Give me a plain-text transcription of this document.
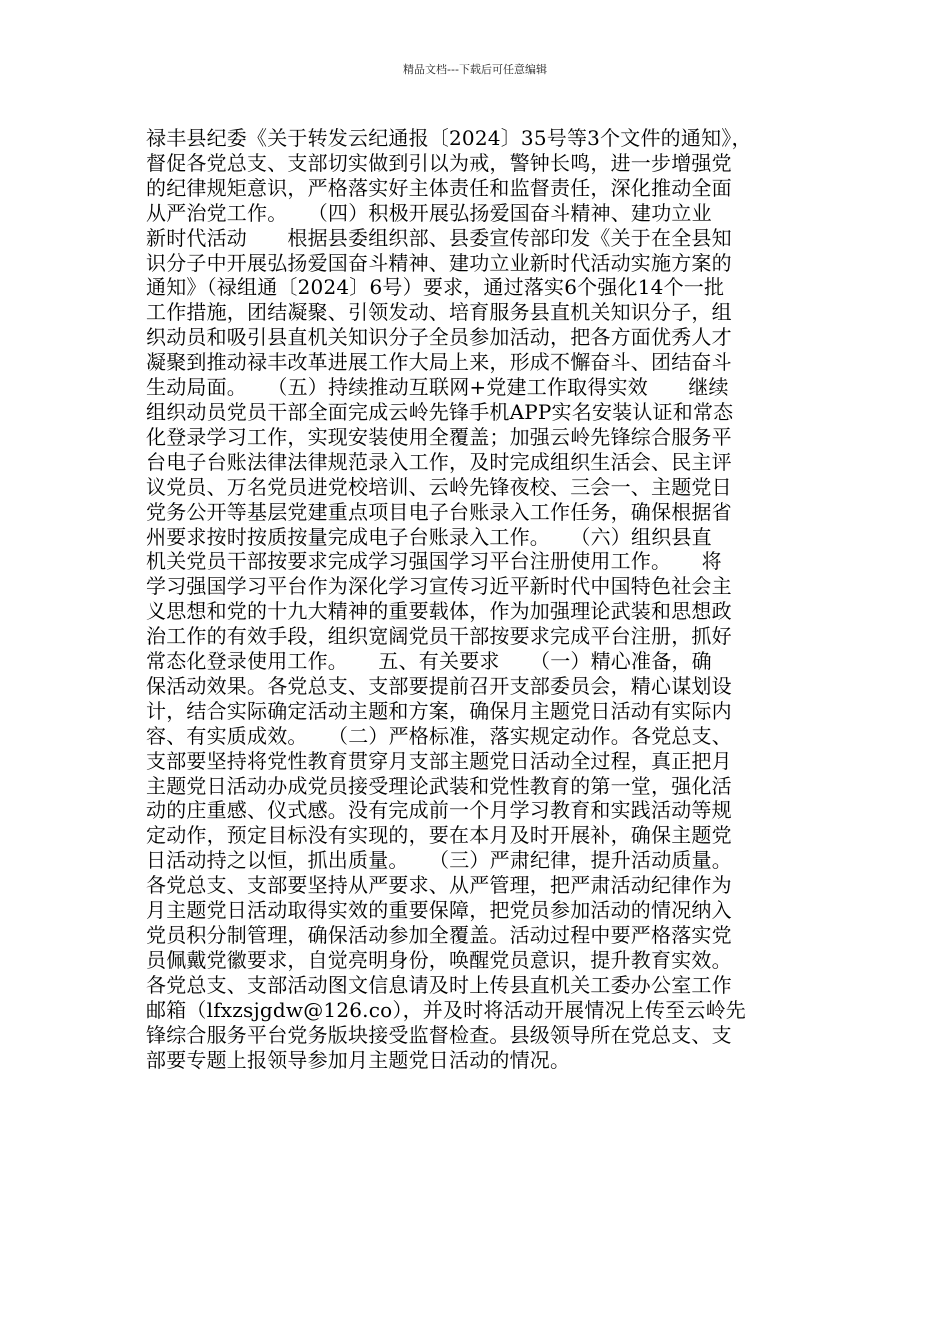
精品文档---下载后可任意编辑
禄丰县纪委《关于转发云纪通报〔2024〕35号等3个文件的通知》，
督促各党总支、支部切实做到引以为戒，警钟长鸣，进一步增强党
的纪律规矩意识，严格落实好主体责任和监督责任，深化推动全面
从严治党工作。　　（四）积极开展弘扬爱国奋斗精神、建功立业
新时代活动　　根据县委组织部、县委宣传部印发《关于在全县知
识分子中开展弘扬爱国奋斗精神、建功立业新时代活动实施方案的
通知》（禄组通〔2024〕6号）要求，通过落实6个强化14个一批
工作措施，团结凝聚、引领发动、培育服务县直机关知识分子，组
织动员和吸引县直机关知识分子全员参加活动，把各方面优秀人才
凝聚到推动禄丰改革进展工作大局上来，形成不懈奋斗、团结奋斗
生动局面。　　（五）持续推动互联网+党建工作取得实效　　继续
组织动员党员干部全面完成云岭先锋手机APP实名安装认证和常态
化登录学习工作，实现安装使用全覆盖；加强云岭先锋综合服务平
台电子台账法律法律规范录入工作，及时完成组织生活会、民主评
议党员、万名党员进党校培训、云岭先锋夜校、三会一、主题党日
党务公开等基层党建重点项目电子台账录入工作任务，确保根据省
州要求按时按质按量完成电子台账录入工作。　　（六）组织县直
机关党员干部按要求完成学习强国学习平台注册使用工作。　　将
学习强国学习平台作为深化学习宣传习近平新时代中国特色社会主
义思想和党的十九大精神的重要载体，作为加强理论武装和思想政
治工作的有效手段，组织宽阔党员干部按要求完成平台注册，抓好
常态化登录使用工作。　　五、有关要求　　（一）精心准备，确
保活动效果。各党总支、支部要提前召开支部委员会，精心谋划设
计，结合实际确定活动主题和方案，确保月主题党日活动有实际内
容、有实质成效。　　（二）严格标准，落实规定动作。各党总支、
支部要坚持将党性教育贯穿月支部主题党日活动全过程，真正把月
主题党日活动办成党员接受理论武装和党性教育的第一堂，强化活
动的庄重感、仪式感。没有完成前一个月学习教育和实践活动等规
定动作，预定目标没有实现的，要在本月及时开展补，确保主题党
日活动持之以恒，抓出质量。　　（三）严肃纪律，提升活动质量。
各党总支、支部要坚持从严要求、从严管理，把严肃活动纪律作为
月主题党日活动取得实效的重要保障，把党员参加活动的情况纳入
党员积分制管理，确保活动参加全覆盖。活动过程中要严格落实党
员佩戴党徽要求，自觉亮明身份，唤醒党员意识，提升教育实效。
各党总支、支部活动图文信息请及时上传县直机关工委办公室工作
邮箱（lfxzsjgdw@126.co），并及时将活动开展情况上传至云岭先
锋综合服务平台党务版块接受监督检查。县级领导所在党总支、支
部要专题上报领导参加月主题党日活动的情况。
